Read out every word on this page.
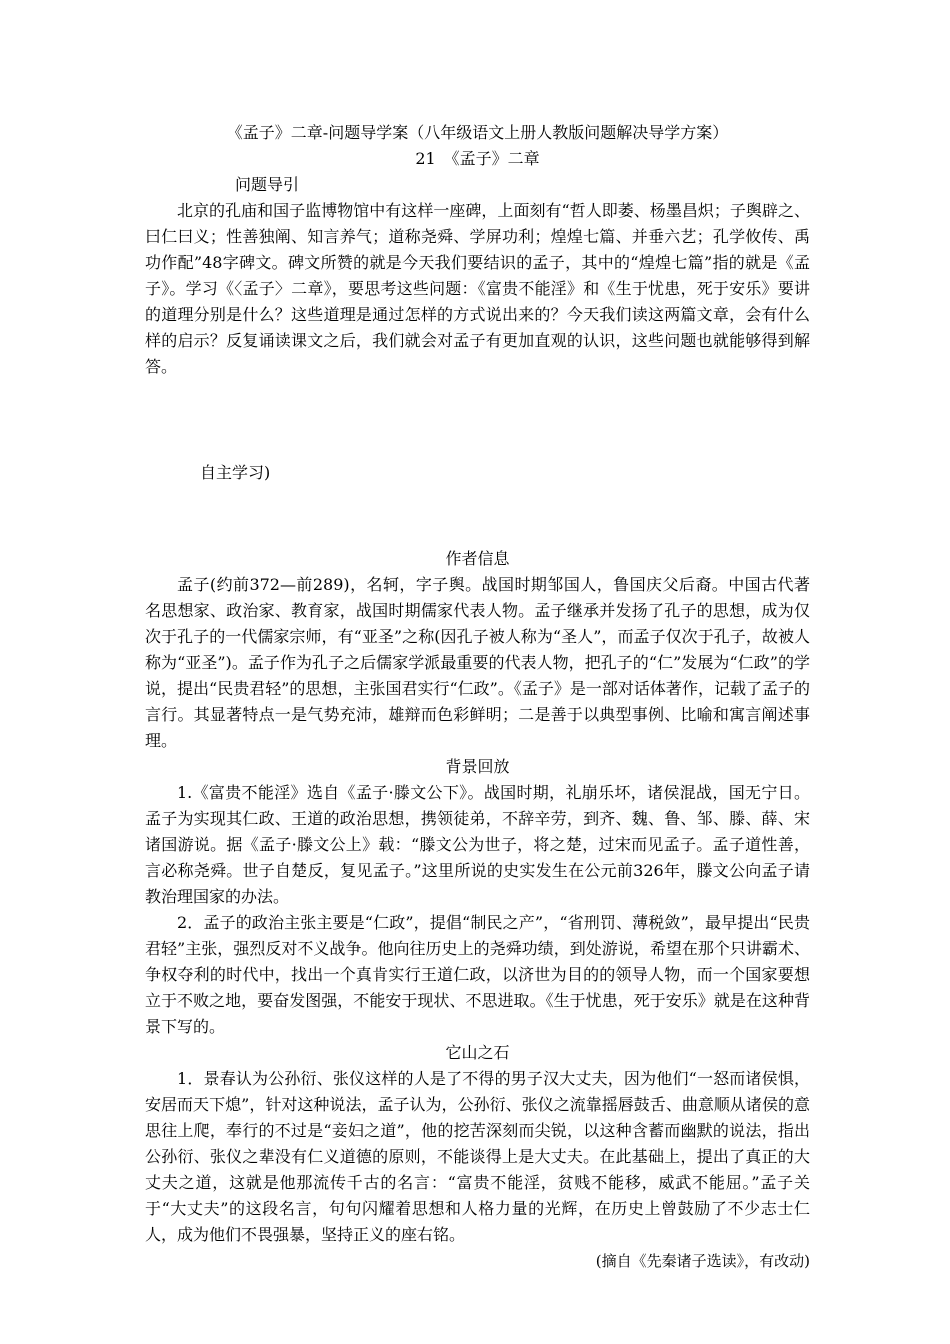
《孟子》二章-问题导学案（八年级语文上册人教版问题解决导学方案）
21　《孟子》二章
问题导引

北京的孔庙和国子监博物馆中有这样一座碑，上面刻有“哲人即萎、杨墨昌炽；子舆辟之、曰仁曰义；性善独阐、知言养气；道称尧舜、学屏功利；煌煌七篇、并垂六艺；孔学攸传、禹功作配”48字碑文。碑文所赞的就是今天我们要结识的孟子，其中的“煌煌七篇”指的就是《孟子》。学习《〈孟子〉二章》，要思考这些问题：《富贵不能淫》和《生于忧患，死于安乐》要讲的道理分别是什么？这些道理是通过怎样的方式说出来的？今天我们读这两篇文章，会有什么样的启示？反复诵读课文之后，我们就会对孟子有更加直观的认识，这些问题也就能够得到解答。

自主学习)
作者信息

孟子(约前372—前289)，名轲，字子舆。战国时期邹国人，鲁国庆父后裔。中国古代著名思想家、政治家、教育家，战国时期儒家代表人物。孟子继承并发扬了孔子的思想，成为仅次于孔子的一代儒家宗师，有“亚圣”之称(因孔子被人称为“圣人”，而孟子仅次于孔子，故被人称为“亚圣”)。孟子作为孔子之后儒家学派最重要的代表人物，把孔子的“仁”发展为“仁政”的学说，提出“民贵君轻”的思想，主张国君实行“仁政”。《孟子》是一部对话体著作，记载了孟子的言行。其显著特点一是气势充沛，雄辩而色彩鲜明；二是善于以典型事例、比喻和寓言阐述事理。

背景回放

1.《富贵不能淫》选自《孟子·滕文公下》。战国时期，礼崩乐坏，诸侯混战，国无宁日。孟子为实现其仁政、王道的政治思想，携领徒弟，不辞辛劳，到齐、魏、鲁、邹、滕、薛、宋诸国游说。据《孟子·滕文公上》载：“滕文公为世子，将之楚，过宋而见孟子。孟子道性善，言必称尧舜。世子自楚反，复见孟子。”这里所说的史实发生在公元前326年，滕文公向孟子请教治理国家的办法。

2．孟子的政治主张主要是“仁政”，提倡“制民之产”，“省刑罚、薄税敛”，最早提出“民贵君轻”主张，强烈反对不义战争。他向往历史上的尧舜功绩，到处游说，希望在那个只讲霸术、争权夺利的时代中，找出一个真肯实行王道仁政，以济世为目的的领导人物，而一个国家要想立于不败之地，要奋发图强，不能安于现状、不思进取。《生于忧患，死于安乐》就是在这种背景下写的。

它山之石

1．景春认为公孙衍、张仪这样的人是了不得的男子汉大丈夫，因为他们“一怒而诸侯惧，安居而天下熄”，针对这种说法，孟子认为，公孙衍、张仪之流靠摇唇鼓舌、曲意顺从诸侯的意思往上爬，奉行的不过是“妾妇之道”，他的挖苦深刻而尖锐，以这种含蓄而幽默的说法，指出公孙衍、张仪之辈没有仁义道德的原则，不能谈得上是大丈夫。在此基础上，提出了真正的大丈夫之道，这就是他那流传千古的名言：“富贵不能淫，贫贱不能移，威武不能屈。”孟子关于“大丈夫”的这段名言，句句闪耀着思想和人格力量的光辉，在历史上曾鼓励了不少志士仁人，成为他们不畏强暴，坚持正义的座右铭。

(摘自《先秦诸子选读》，有改动)
